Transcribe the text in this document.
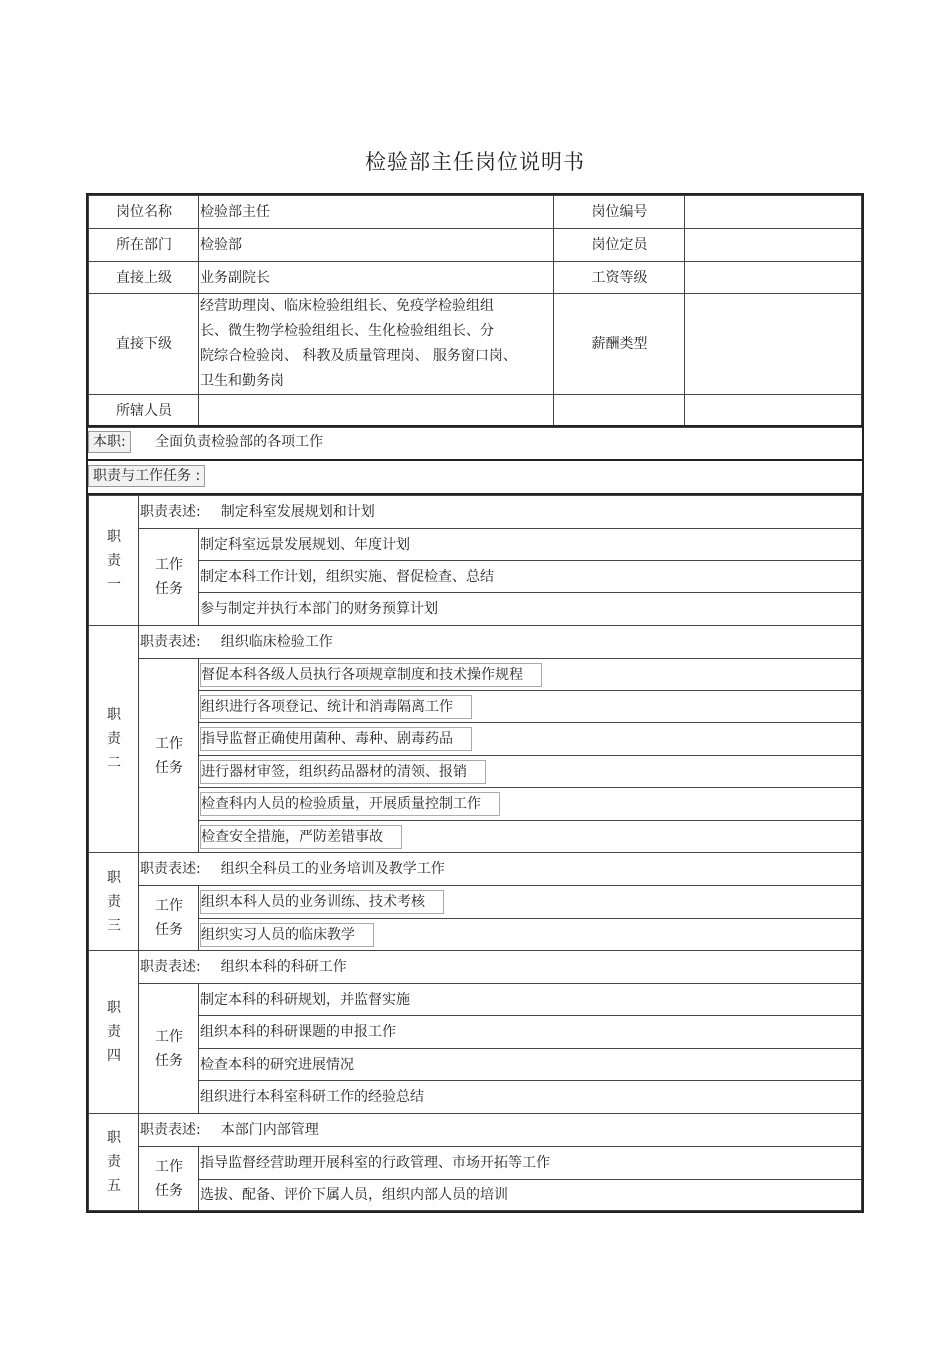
检验部主任岗位说明书
岗位名称	检验部主任	岗位编号	
所在部门	检验部	岗位定员	
直接上级	业务副院长	工资等级	
直接下级	经营助理岗、临床检验组组长、免疫学检验组组
长、微生物学检验组组长、生化检验组组长、分
院综合检验岗、 科教及质量管理岗、 服务窗口岗、
卫生和勤务岗	薪酬类型	
所辖人员			
本职: 全面负责检验部的各项工作
职责与工作任务 :
职
责
一	职责表述: 制定科室发展规划和计划	

	工作
任务	制定科室远景发展规划、年度计划
		制定本科工作计划，组织实施、督促检查、总结
		参与制定并执行本部门的财务预算计划

职
责
二	职责表述: 组织临床检验工作	

	工作
任务	督促本科各级人员执行各项规章制度和技术操作规程
		组织进行各项登记、统计和消毒隔离工作
		指导监督正确使用菌种、毒种、剧毒药品
		进行器材审签，组织药品器材的清领、报销
		检查科内人员的检验质量，开展质量控制工作
		检查安全措施，严防差错事故

职
责
三	职责表述: 组织全科员工的业务培训及教学工作	

	工作
任务	组织本科人员的业务训练、技术考核
		组织实习人员的临床教学

职
责
四	职责表述: 组织本科的科研工作	

	工作
任务	制定本科的科研规划，并监督实施
		组织本科的科研课题的申报工作
		检查本科的研究进展情况
		组织进行本科室科研工作的经验总结

职
责
五	职责表述: 本部门内部管理	

	工作
任务	指导监督经营助理开展科室的行政管理、市场开拓等工作
		选拔、配备、评价下属人员，组织内部人员的培训
